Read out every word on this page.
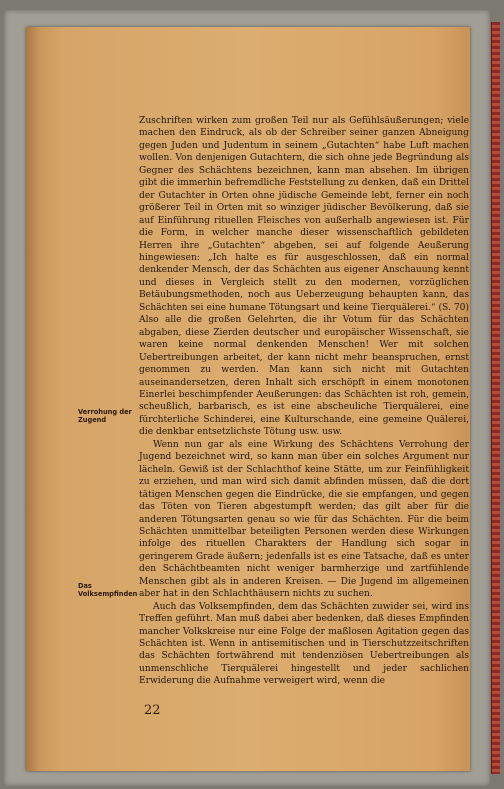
Zuschriften wirken zum großen Teil nur als Gefühlsäußerungen; viele machen den Eindruck, als ob der Schreiber seiner ganzen Abneigung gegen Juden und Judentum in seinem „Gutachten“ habe Luft machen wollen. Von denjenigen Gutachtern, die sich ohne jede Begründung als Gegner des Schächtens bezeichnen, kann man absehen. Im übrigen gibt die immerhin befremdliche Feststellung zu denken, daß ein Drittel der Gutachter in Orten ohne jüdische Gemeinde lebt, ferner ein noch größerer Teil in Orten mit so winziger jüdischer Bevölkerung, daß sie auf Einführung rituellen Fleisches von außerhalb angewiesen ist. Für die Form, in welcher manche dieser wissenschaftlich gebildeten Herren ihre „Gutachten“ abgeben, sei auf folgende Aeußerung hingewiesen: „Ich halte es für ausgeschlossen, daß ein normal denkender Mensch, der das Schächten aus eigener Anschauung kennt und dieses in Vergleich stellt zu den modernen, vorzüglichen Betäubungsmethoden, noch aus Ueberzeugung behaupten kann, das Schächten sei eine humane Tötungsart und keine Tierquälerei.“ (S. 70) Also alle die großen Gelehrten, die ihr Votum für das Schächten abgaben, diese Zierden deutscher und europäischer Wissenschaft, sie waren keine normal denkenden Menschen! Wer mit solchen Uebertreibungen arbeitet, der kann nicht mehr beanspruchen, ernst genommen zu werden. Man kann sich nicht mit Gutachten auseinandersetzen, deren Inhalt sich erschöpft in einem monotonen Einerlei beschimpfender Aeußerungen: das Schächten ist roh, gemein, scheußlich, barbarisch, es ist eine abscheuliche Tierquälerei, eine fürchterliche Schinderei, eine Kulturschande, eine gemeine Quälerei, die denkbar entsetzlichste Tötung usw. usw.

Wenn nun gar als eine Wirkung des Schächtens Verrohung der Jugend bezeichnet wird, so kann man über ein solches Argument nur lächeln. Gewiß ist der Schlachthof keine Stätte, um zur Feinfühligkeit zu erziehen, und man wird sich damit abfinden müssen, daß die dort tätigen Menschen gegen die Eindrücke, die sie empfangen, und gegen das Töten von Tieren abgestumpft werden; das gilt aber für die anderen Tötungsarten genau so wie für das Schächten. Für die beim Schächten unmittelbar beteiligten Personen werden diese Wirkungen infolge des rituellen Charakters der Handlung sich sogar in geringerem Grade äußern; jedenfalls ist es eine Tatsache, daß es unter den Schächtbeamten nicht weniger barmherzige und zartfühlende Menschen gibt als in anderen Kreisen. — Die Jugend im allgemeinen aber hat in den Schlachthäusern nichts zu suchen.

Auch das Volksempfinden, dem das Schächten zuwider sei, wird ins Treffen geführt. Man muß dabei aber bedenken, daß dieses Empfinden mancher Volkskreise nur eine Folge der maßlosen Agitation gegen das Schächten ist. Wenn in antisemitischen und in Tierschutzzeitschriften das Schächten fortwährend mit tendenziösen Uebertreibungen als unmenschliche Tierquälerei hingestellt und jeder sachlichen Erwiderung die Aufnahme verweigert wird, wenn die

Verrohung der Zugend
Das Volksempfinden
22
